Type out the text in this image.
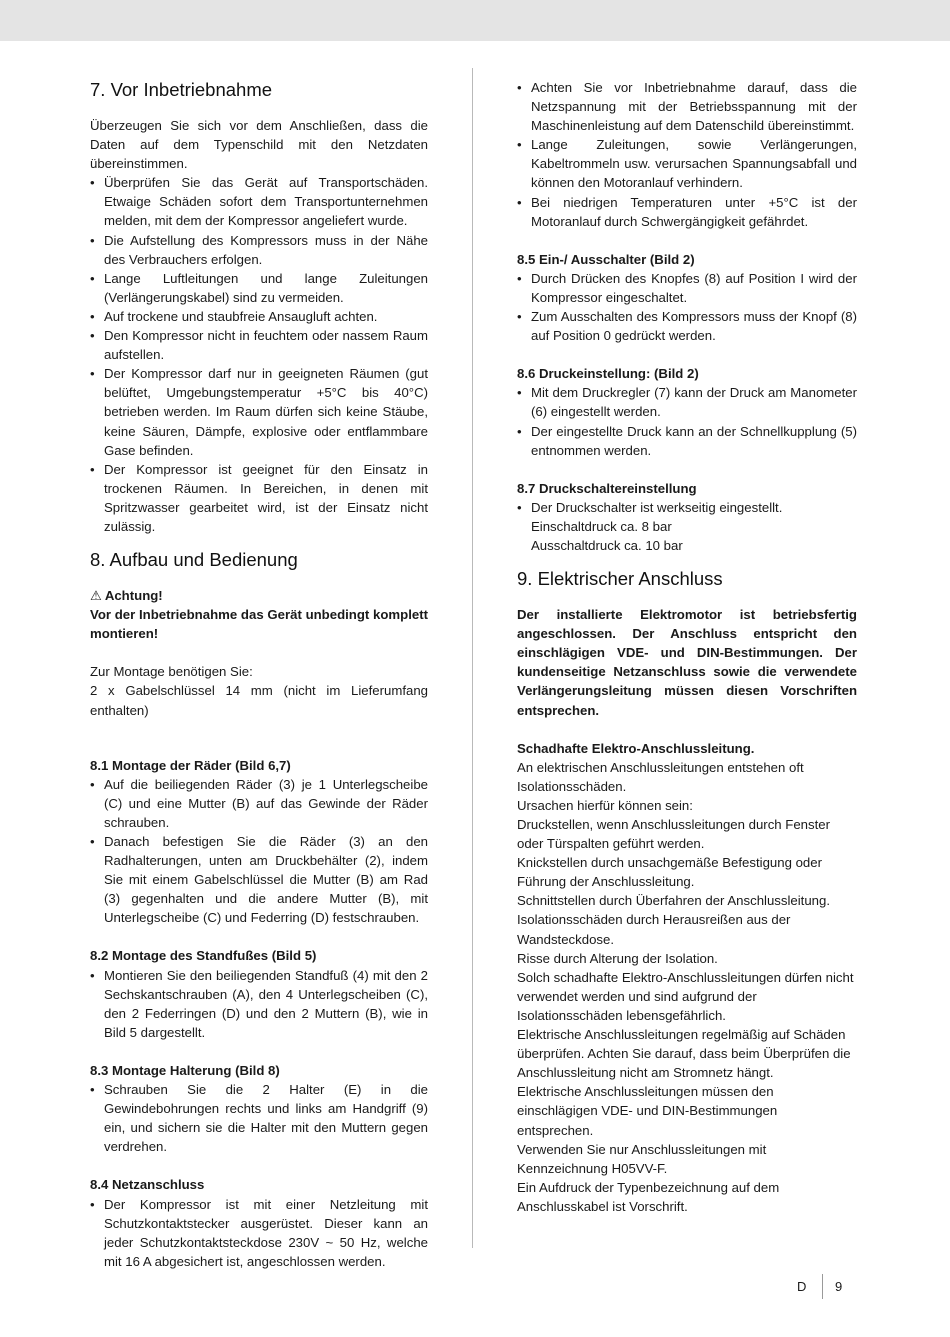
7. Vor Inbetriebnahme

Überzeugen Sie sich vor dem Anschließen, dass die Daten auf dem Typenschild mit den Netzdaten übereinstimmen.

• Überprüfen Sie das Gerät auf Transportschäden. Etwaige Schäden sofort dem Transportunternehmen melden, mit dem der Kompressor angeliefert wurde.
• Die Aufstellung des Kompressors muss in der Nähe des Verbrauchers erfolgen.
• Lange Luftleitungen und lange Zuleitungen (Verlängerungskabel) sind zu vermeiden.
• Auf trockene und staubfreie Ansaugluft achten.
• Den Kompressor nicht in feuchtem oder nassem Raum aufstellen.
• Der Kompressor darf nur in geeigneten Räumen (gut belüftet, Umgebungstemperatur +5°C bis 40°C) betrieben werden. Im Raum dürfen sich keine Stäube, keine Säuren, Dämpfe, explosive oder entflammbare Gase befinden.
• Der Kompressor ist geeignet für den Einsatz in trockenen Räumen. In Bereichen, in denen mit Spritzwasser gearbeitet wird, ist der Einsatz nicht zulässig.
8. Aufbau und Bedienung

⚠ Achtung!

Vor der Inbetriebnahme das Gerät unbedingt komplett montieren!

Zur Montage benötigen Sie:

2 x Gabelschlüssel 14 mm (nicht im Lieferumfang enthalten)

8.1 Montage der Räder (Bild 6,7)
• Auf die beiliegenden Räder (3) je 1 Unterlegscheibe (C) und eine Mutter (B) auf das Gewinde der Räder schrauben.
• Danach befestigen Sie die Räder (3) an den Radhalterungen, unten am Druckbehälter (2), indem Sie mit einem Gabelschlüssel die Mutter (B) am Rad (3) gegenhalten und die andere Mutter (B), mit Unterlegscheibe (C) und Federring (D) festschrauben.
8.2 Montage des Standfußes (Bild 5)
• Montieren Sie den beiliegenden Standfuß (4) mit den 2 Sechskantschrauben (A), den 4 Unterlegscheiben (C), den 2 Federringen (D) und den 2 Muttern (B), wie in Bild 5 dargestellt.
8.3 Montage Halterung (Bild 8)
• Schrauben Sie die 2 Halter (E) in die Gewindebohrungen rechts und links am Handgriff (9) ein, und sichern sie die Halter mit den Muttern gegen verdrehen.
8.4 Netzanschluss
• Der Kompressor ist mit einer Netzleitung mit Schutzkontaktstecker ausgerüstet. Dieser kann an jeder Schutzkontaktsteckdose 230V ~ 50 Hz, welche mit 16 A abgesichert ist, angeschlossen werden.
• Achten Sie vor Inbetriebnahme darauf, dass die Netzspannung mit der Betriebsspannung mit der Maschinenleistung auf dem Datenschild übereinstimmt.
• Lange Zuleitungen, sowie Verlängerungen, Kabeltrommeln usw. verursachen Spannungsabfall und können den Motoranlauf verhindern.
• Bei niedrigen Temperaturen unter +5°C ist der Motoranlauf durch Schwergängigkeit gefährdet.
8.5 Ein-/ Ausschalter (Bild 2)
• Durch Drücken des Knopfes (8) auf Position I wird der Kompressor eingeschaltet.
• Zum Ausschalten des Kompressors muss der Knopf (8) auf Position 0 gedrückt werden.
8.6 Druckeinstellung: (Bild 2)
• Mit dem Druckregler (7) kann der Druck am Manometer (6) eingestellt werden.
• Der eingestellte Druck kann an der Schnellkupplung (5) entnommen werden.
8.7 Druckschaltereinstellung
• Der Druckschalter ist werkseitig eingestellt.
Einschaltdruck ca. 8 bar
Ausschaltdruck ca. 10 bar
9. Elektrischer Anschluss

Der installierte Elektromotor ist betriebsfertig angeschlossen. Der Anschluss entspricht den einschlägigen VDE- und DIN-Bestimmungen. Der kundenseitige Netzanschluss sowie die verwendete Verlängerungsleitung müssen diesen Vorschriften entsprechen.

Schadhafte Elektro-Anschlussleitung.

An elektrischen Anschlussleitungen entstehen oft Isolationsschäden.

Ursachen hierfür können sein:

Druckstellen, wenn Anschlussleitungen durch Fenster oder Türspalten geführt werden.

Knickstellen durch unsachgemäße Befestigung oder Führung der Anschlussleitung.

Schnittstellen durch Überfahren der Anschlussleitung.

Isolationsschäden durch Herausreißen aus der Wandsteckdose.

Risse durch Alterung der Isolation.

Solch schadhafte Elektro-Anschlussleitungen dürfen nicht verwendet werden und sind aufgrund der Isolationsschäden lebensgefährlich.

Elektrische Anschlussleitungen regelmäßig auf Schäden überprüfen. Achten Sie darauf, dass beim Überprüfen die Anschlussleitung nicht am Stromnetz hängt.

Elektrische Anschlussleitungen müssen den einschlägigen VDE- und DIN-Bestimmungen entsprechen.

Verwenden Sie nur Anschlussleitungen mit Kennzeichnung H05VV-F.

Ein Aufdruck der Typenbezeichnung auf dem Anschlusskabel ist Vorschrift.

D 9
